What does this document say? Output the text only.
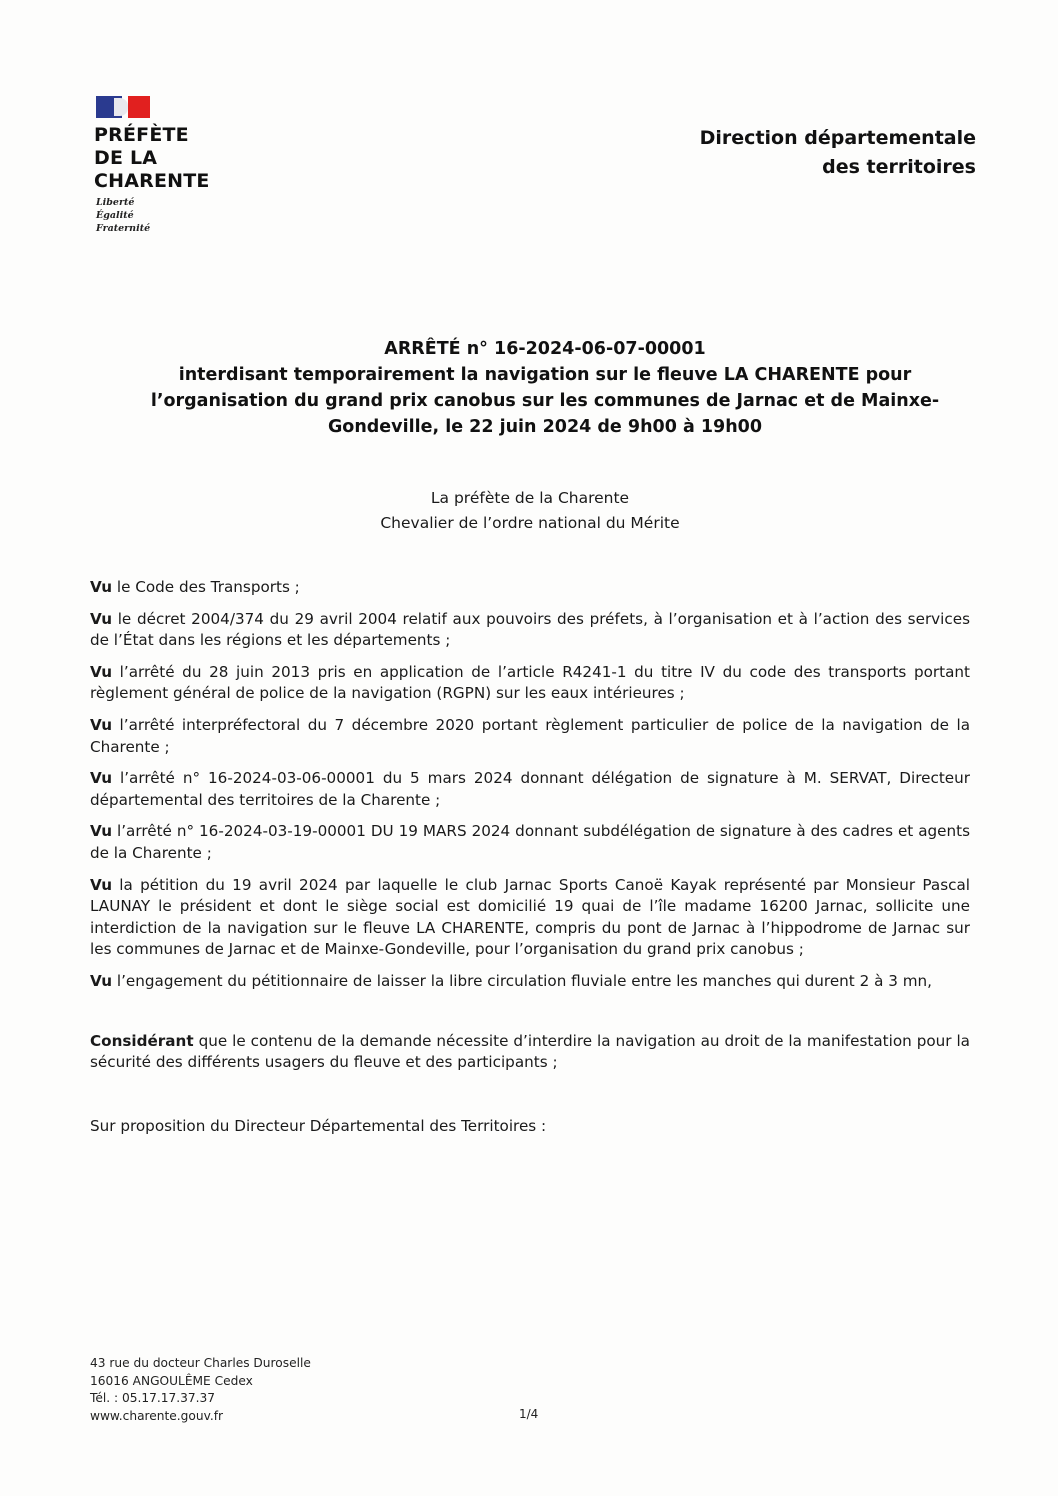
PRÉFÈTE
DE LA
CHARENTE
Liberté
Égalité
Fraternité
Direction départementale
des territoires
ARRÊTÉ n° 16-2024-06-07-00001
interdisant temporairement la navigation sur le fleuve LA CHARENTE pour l’organisation du grand prix canobus sur les communes de Jarnac et de Mainxe-Gondeville, le 22 juin 2024 de 9h00 à 19h00
La préfète de la Charente
Chevalier de l’ordre national du Mérite

Vu le Code des Transports ;

Vu le décret 2004/374 du 29 avril 2004 relatif aux pouvoirs des préfets, à l’organisation et à l’action des services de l’État dans les régions et les départements ;

Vu l’arrêté du 28 juin 2013 pris en application de l’article R4241-1 du titre IV du code des transports portant règlement général de police de la navigation (RGPN) sur les eaux intérieures ;

Vu l’arrêté interpréfectoral du 7 décembre 2020 portant règlement particulier de police de la navigation de la Charente ;

Vu l’arrêté n° 16-2024-03-06-00001 du 5 mars 2024 donnant délégation de signature à M. SERVAT, Directeur départemental des territoires de la Charente ;

Vu l’arrêté n° 16-2024-03-19-00001 DU 19 MARS 2024 donnant subdélégation de signature à des cadres et agents de la Charente ;

Vu la pétition du 19 avril 2024 par laquelle le club Jarnac Sports Canoë Kayak représenté par Monsieur Pascal LAUNAY le président et dont le siège social est domicilié 19 quai de l’île madame 16200 Jarnac, sollicite une interdiction de la navigation sur le fleuve LA CHARENTE, compris du pont de Jarnac à l’hippodrome de Jarnac sur les communes de Jarnac et de Mainxe-Gondeville, pour l’organisation du grand prix canobus ;

Vu l’engagement du pétitionnaire de laisser la libre circulation fluviale entre les manches qui durent 2 à 3 mn,

Considérant que le contenu de la demande nécessite d’interdire la navigation au droit de la manifestation pour la sécurité des différents usagers du fleuve et des participants ;

Sur proposition du Directeur Départemental des Territoires :

43 rue du docteur Charles Duroselle
16016 ANGOULÊME Cedex
Tél. : 05.17.17.37.37
www.charente.gouv.fr	1/4
